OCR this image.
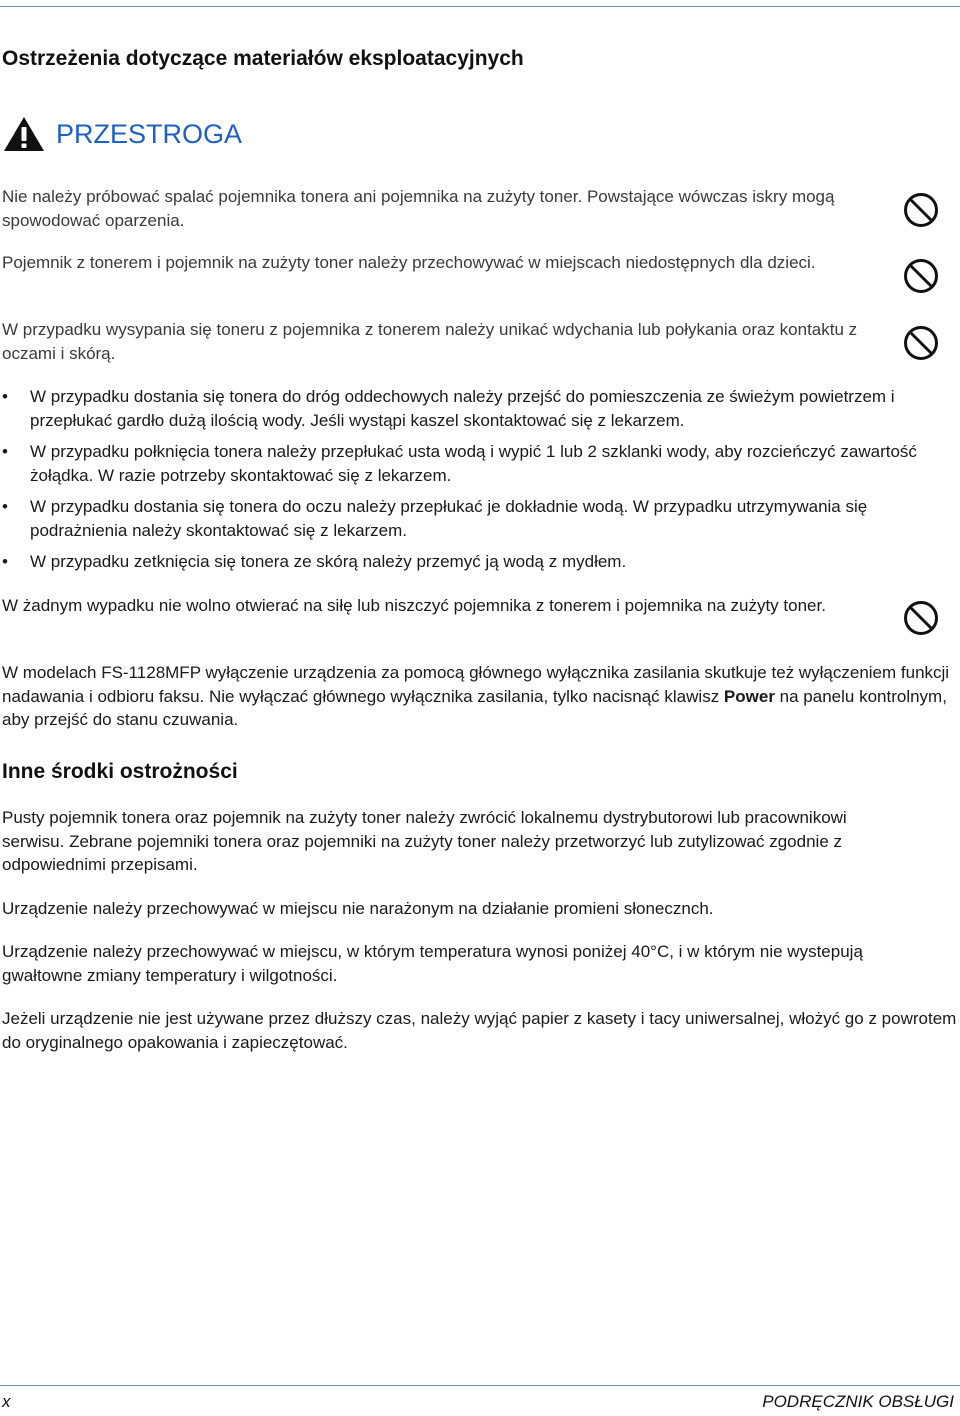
Ostrzeżenia dotyczące materiałów eksploatacyjnych
PRZESTROGA
Nie należy próbować spalać pojemnika tonera ani pojemnika na zużyty toner. Powstające wówczas iskry mogą spowodować oparzenia.
Pojemnik z tonerem i pojemnik na zużyty toner należy przechowywać w miejscach niedostępnych dla dzieci.
W przypadku wysypania się toneru z pojemnika z tonerem należy unikać wdychania lub połykania oraz kontaktu z oczami i skórą.
• W przypadku dostania się tonera do dróg oddechowych należy przejść do pomieszczenia ze świeżym powietrzem i przepłukać gardło dużą ilością wody. Jeśli wystąpi kaszel skontaktować się z lekarzem.
• W przypadku połknięcia tonera należy przepłukać usta wodą i wypić 1 lub 2 szklanki wody, aby rozcieńczyć zawartość żołądka. W razie potrzeby skontaktować się z lekarzem.
• W przypadku dostania się tonera do oczu należy przepłukać je dokładnie wodą. W przypadku utrzymywania się podrażnienia należy skontaktować się z lekarzem.
• W przypadku zetknięcia się tonera ze skórą należy przemyć ją wodą z mydłem.
W żadnym wypadku nie wolno otwierać na siłę lub niszczyć pojemnika z tonerem i pojemnika na zużyty toner.
W modelach FS-1128MFP wyłączenie urządzenia za pomocą głównego wyłącznika zasilania skutkuje też wyłączeniem funkcji nadawania i odbioru faksu. Nie wyłączać głównego wyłącznika zasilania, tylko nacisnąć klawisz Power na panelu kontrolnym, aby przejść do stanu czuwania.
Inne środki ostrożności
Pusty pojemnik tonera oraz pojemnik na zużyty toner należy zwrócić lokalnemu dystrybutorowi lub pracownikowi serwisu. Zebrane pojemniki tonera oraz pojemniki na zużyty toner należy przetworzyć lub zutylizować zgodnie z odpowiednimi przepisami.
Urządzenie należy przechowywać w miejscu nie narażonym na działanie promieni słonecznch.
Urządzenie należy przechowywać w miejscu, w którym temperatura wynosi poniżej 40°C, i w którym nie wystepują gwałtowne zmiany temperatury i wilgotności.
Jeżeli urządzenie nie jest używane przez dłuższy czas, należy wyjąć papier z kasety i tacy uniwersalnej, włożyć go z powrotem do oryginalnego opakowania i zapieczętować.
x	PODRĘCZNIK OBSŁUGI
